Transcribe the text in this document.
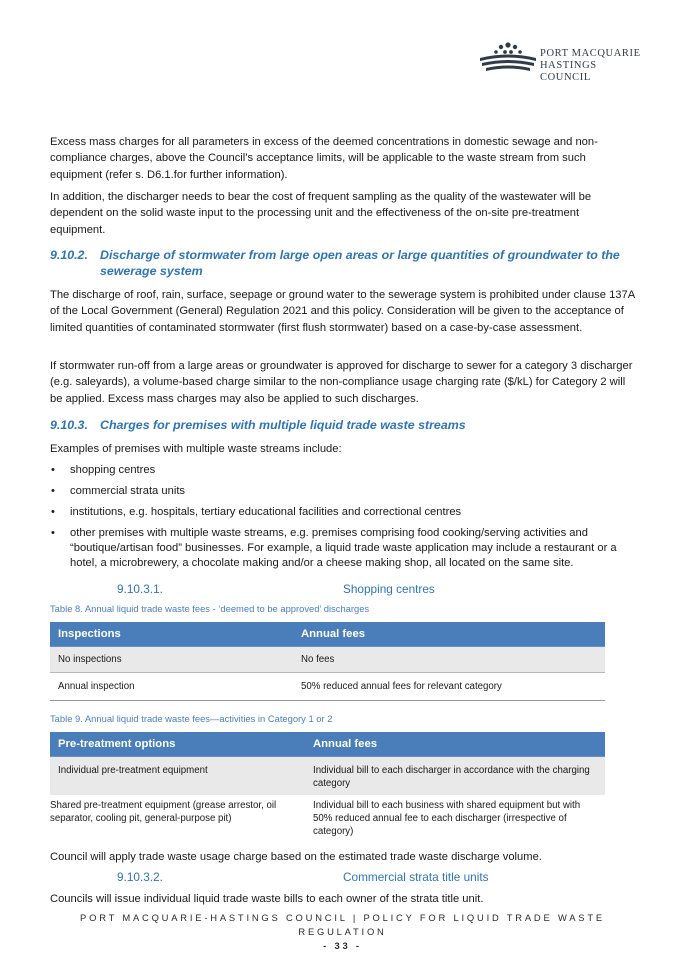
PORT MACQUARIE
HASTINGS COUNCIL

Excess mass charges for all parameters in excess of the deemed concentrations in domestic sewage and non-compliance charges, above the Council’s acceptance limits, will be applicable to the waste stream from such equipment (refer s. D6.1.for further information).

In addition, the discharger needs to bear the cost of frequent sampling as the quality of the wastewater will be dependent on the solid waste input to the processing unit and the effectiveness of the on-site pre-treatment equipment.

9.10.2. Discharge of stormwater from large open areas or large quantities of groundwater to the sewerage system

The discharge of roof, rain, surface, seepage or ground water to the sewerage system is prohibited under clause 137A of the Local Government (General) Regulation 2021 and this policy. Consideration will be given to the acceptance of limited quantities of contaminated stormwater (first flush stormwater) based on a case-by-case assessment.

If stormwater run-off from a large areas or groundwater is approved for discharge to sewer for a category 3 discharger (e.g. saleyards), a volume-based charge similar to the non-compliance usage charging rate ($/kL) for Category 2 will be applied. Excess mass charges may also be applied to such discharges.

9.10.3. Charges for premises with multiple liquid trade waste streams

Examples of premises with multiple waste streams include:

•	shopping centres
•	commercial strata units
•	institutions, e.g. hospitals, tertiary educational facilities and correctional centres
•	other premises with multiple waste streams, e.g. premises comprising food cooking/serving activities and “boutique/artisan food” businesses. For example, a liquid trade waste application may include a restaurant or a hotel, a microbrewery, a chocolate making and/or a cheese making shop, all located on the same site.
9.10.3.1.	Shopping centres
Table 8. Annual liquid trade waste fees - ‘deemed to be approved’ discharges
Inspections	Annual fees
No inspections	No fees
Annual inspection	50% reduced annual fees for relevant category
Table 9. Annual liquid trade waste fees—activities in Category 1 or 2
Pre-treatment options	Annual fees
Individual pre-treatment equipment	Individual bill to each discharger in accordance with the charging category
Shared pre-treatment equipment (grease arrestor, oil separator, cooling pit, general-purpose pit)	Individual bill to each business with shared equipment but with 50% reduced annual fee to each discharger (irrespective of category)

Council will apply trade waste usage charge based on the estimated trade waste discharge volume.

9.10.3.2.	Commercial strata title units

Councils will issue individual liquid trade waste bills to each owner of the strata title unit.

PORT MACQUARIE-HASTINGS COUNCIL | POLICY FOR LIQUID TRADE WASTE
REGULATION
- 33 -
